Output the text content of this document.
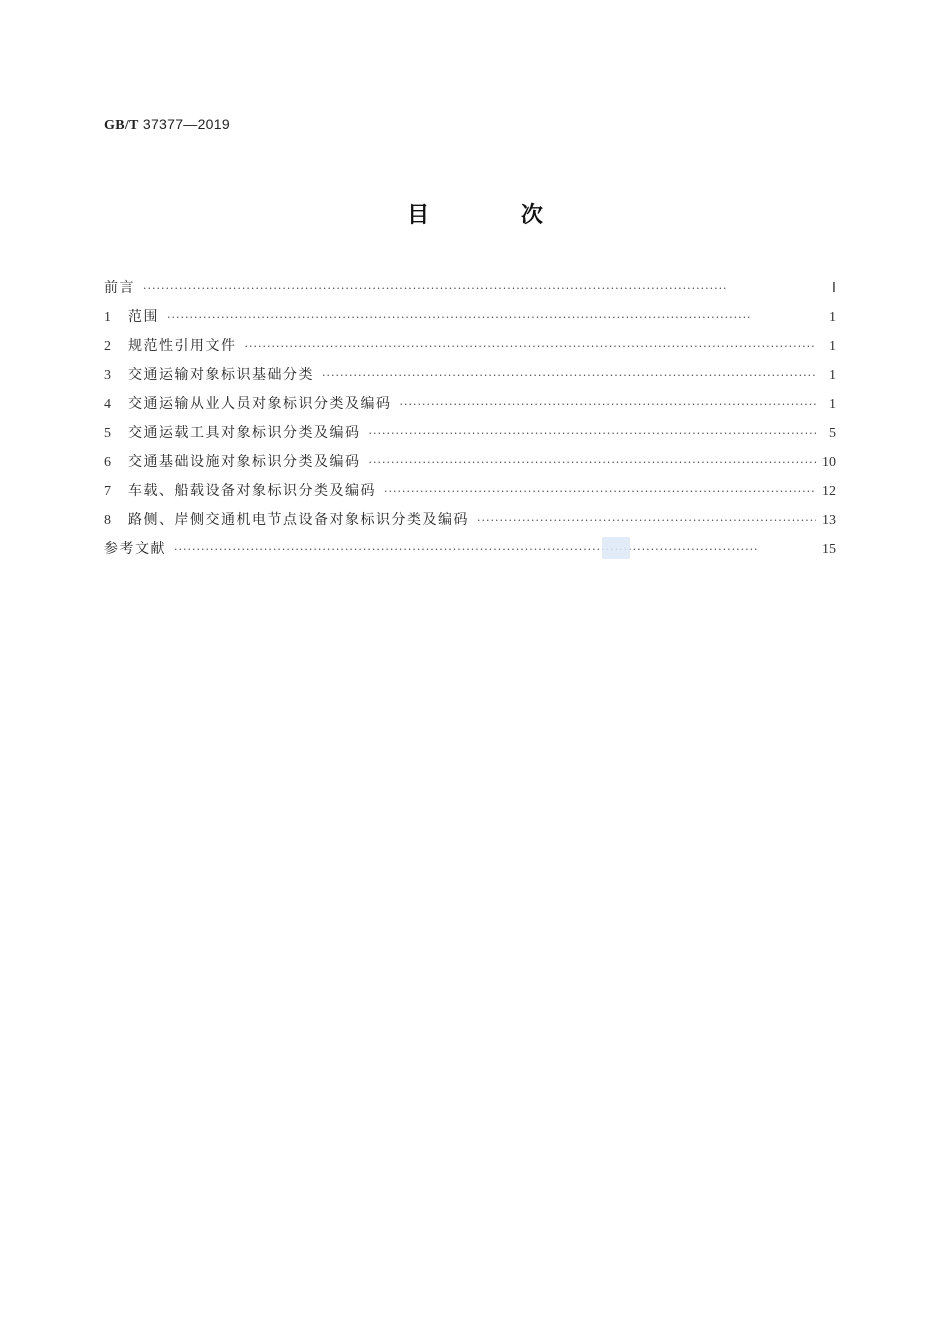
GB/T 37377—2019
目 次
前言 ·····	Ⅰ
1	范围 ·····	1
2	规范性引用文件 ·····	1
3	交通运输对象标识基础分类 ·····	1
4	交通运输从业人员对象标识分类及编码 ·····	1
5	交通运载工具对象标识分类及编码 ·····	5
6	交通基础设施对象标识分类及编码 ·····	10
7	车载、船载设备对象标识分类及编码 ·····	12
8	路侧、岸侧交通机电节点设备对象标识分类及编码 ·····	13
参考文献 ·····	15
